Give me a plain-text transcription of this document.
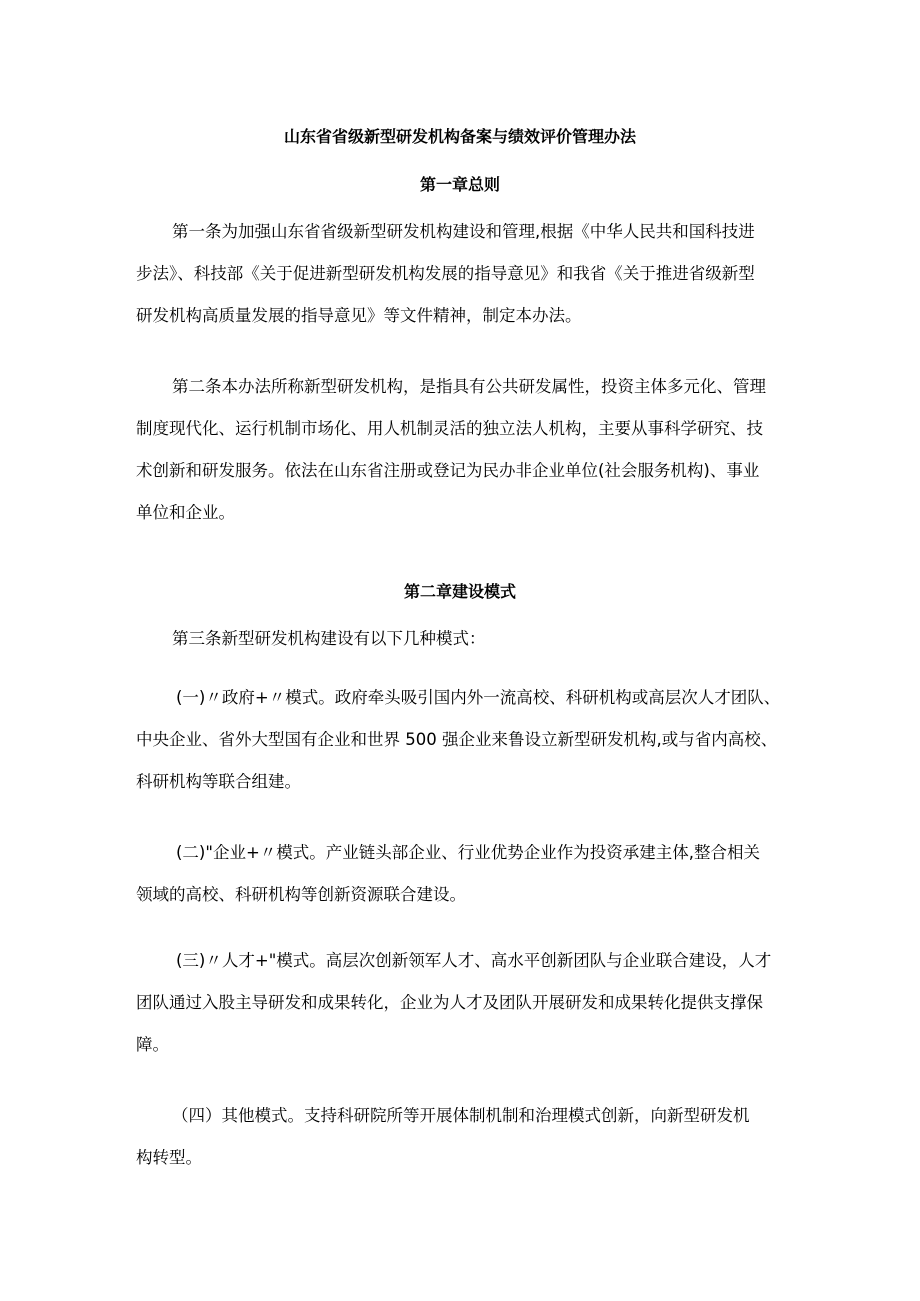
山东省省级新型研发机构备案与绩效评价管理办法
第一章总则
第一条为加强山东省省级新型研发机构建设和管理,根据《中华人民共和国科技进
步法》、科技部《关于促进新型研发机构发展的指导意见》和我省《关于推进省级新型
研发机构高质量发展的指导意见》等文件精神，制定本办法。
第二条本办法所称新型研发机构，是指具有公共研发属性，投资主体多元化、管理
制度现代化、运行机制市场化、用人机制灵活的独立法人机构，主要从事科学研究、技
术创新和研发服务。依法在山东省注册或登记为民办非企业单位(社会服务机构)、事业
单位和企业。
第二章建设模式
第三条新型研发机构建设有以下几种模式：
(一)〃政府+〃模式。政府牵头吸引国内外一流高校、科研机构或高层次人才团队、
中央企业、省外大型国有企业和世界 500 强企业来鲁设立新型研发机构,或与省内高校、
科研机构等联合组建。
(二)"企业+〃模式。产业链头部企业、行业优势企业作为投资承建主体,整合相关
领域的高校、科研机构等创新资源联合建设。
(三)〃人才+"模式。高层次创新领军人才、高水平创新团队与企业联合建设，人才
团队通过入股主导研发和成果转化，企业为人才及团队开展研发和成果转化提供支撑保
障。
（四）其他模式。支持科研院所等开展体制机制和治理模式创新，向新型研发机
构转型。
